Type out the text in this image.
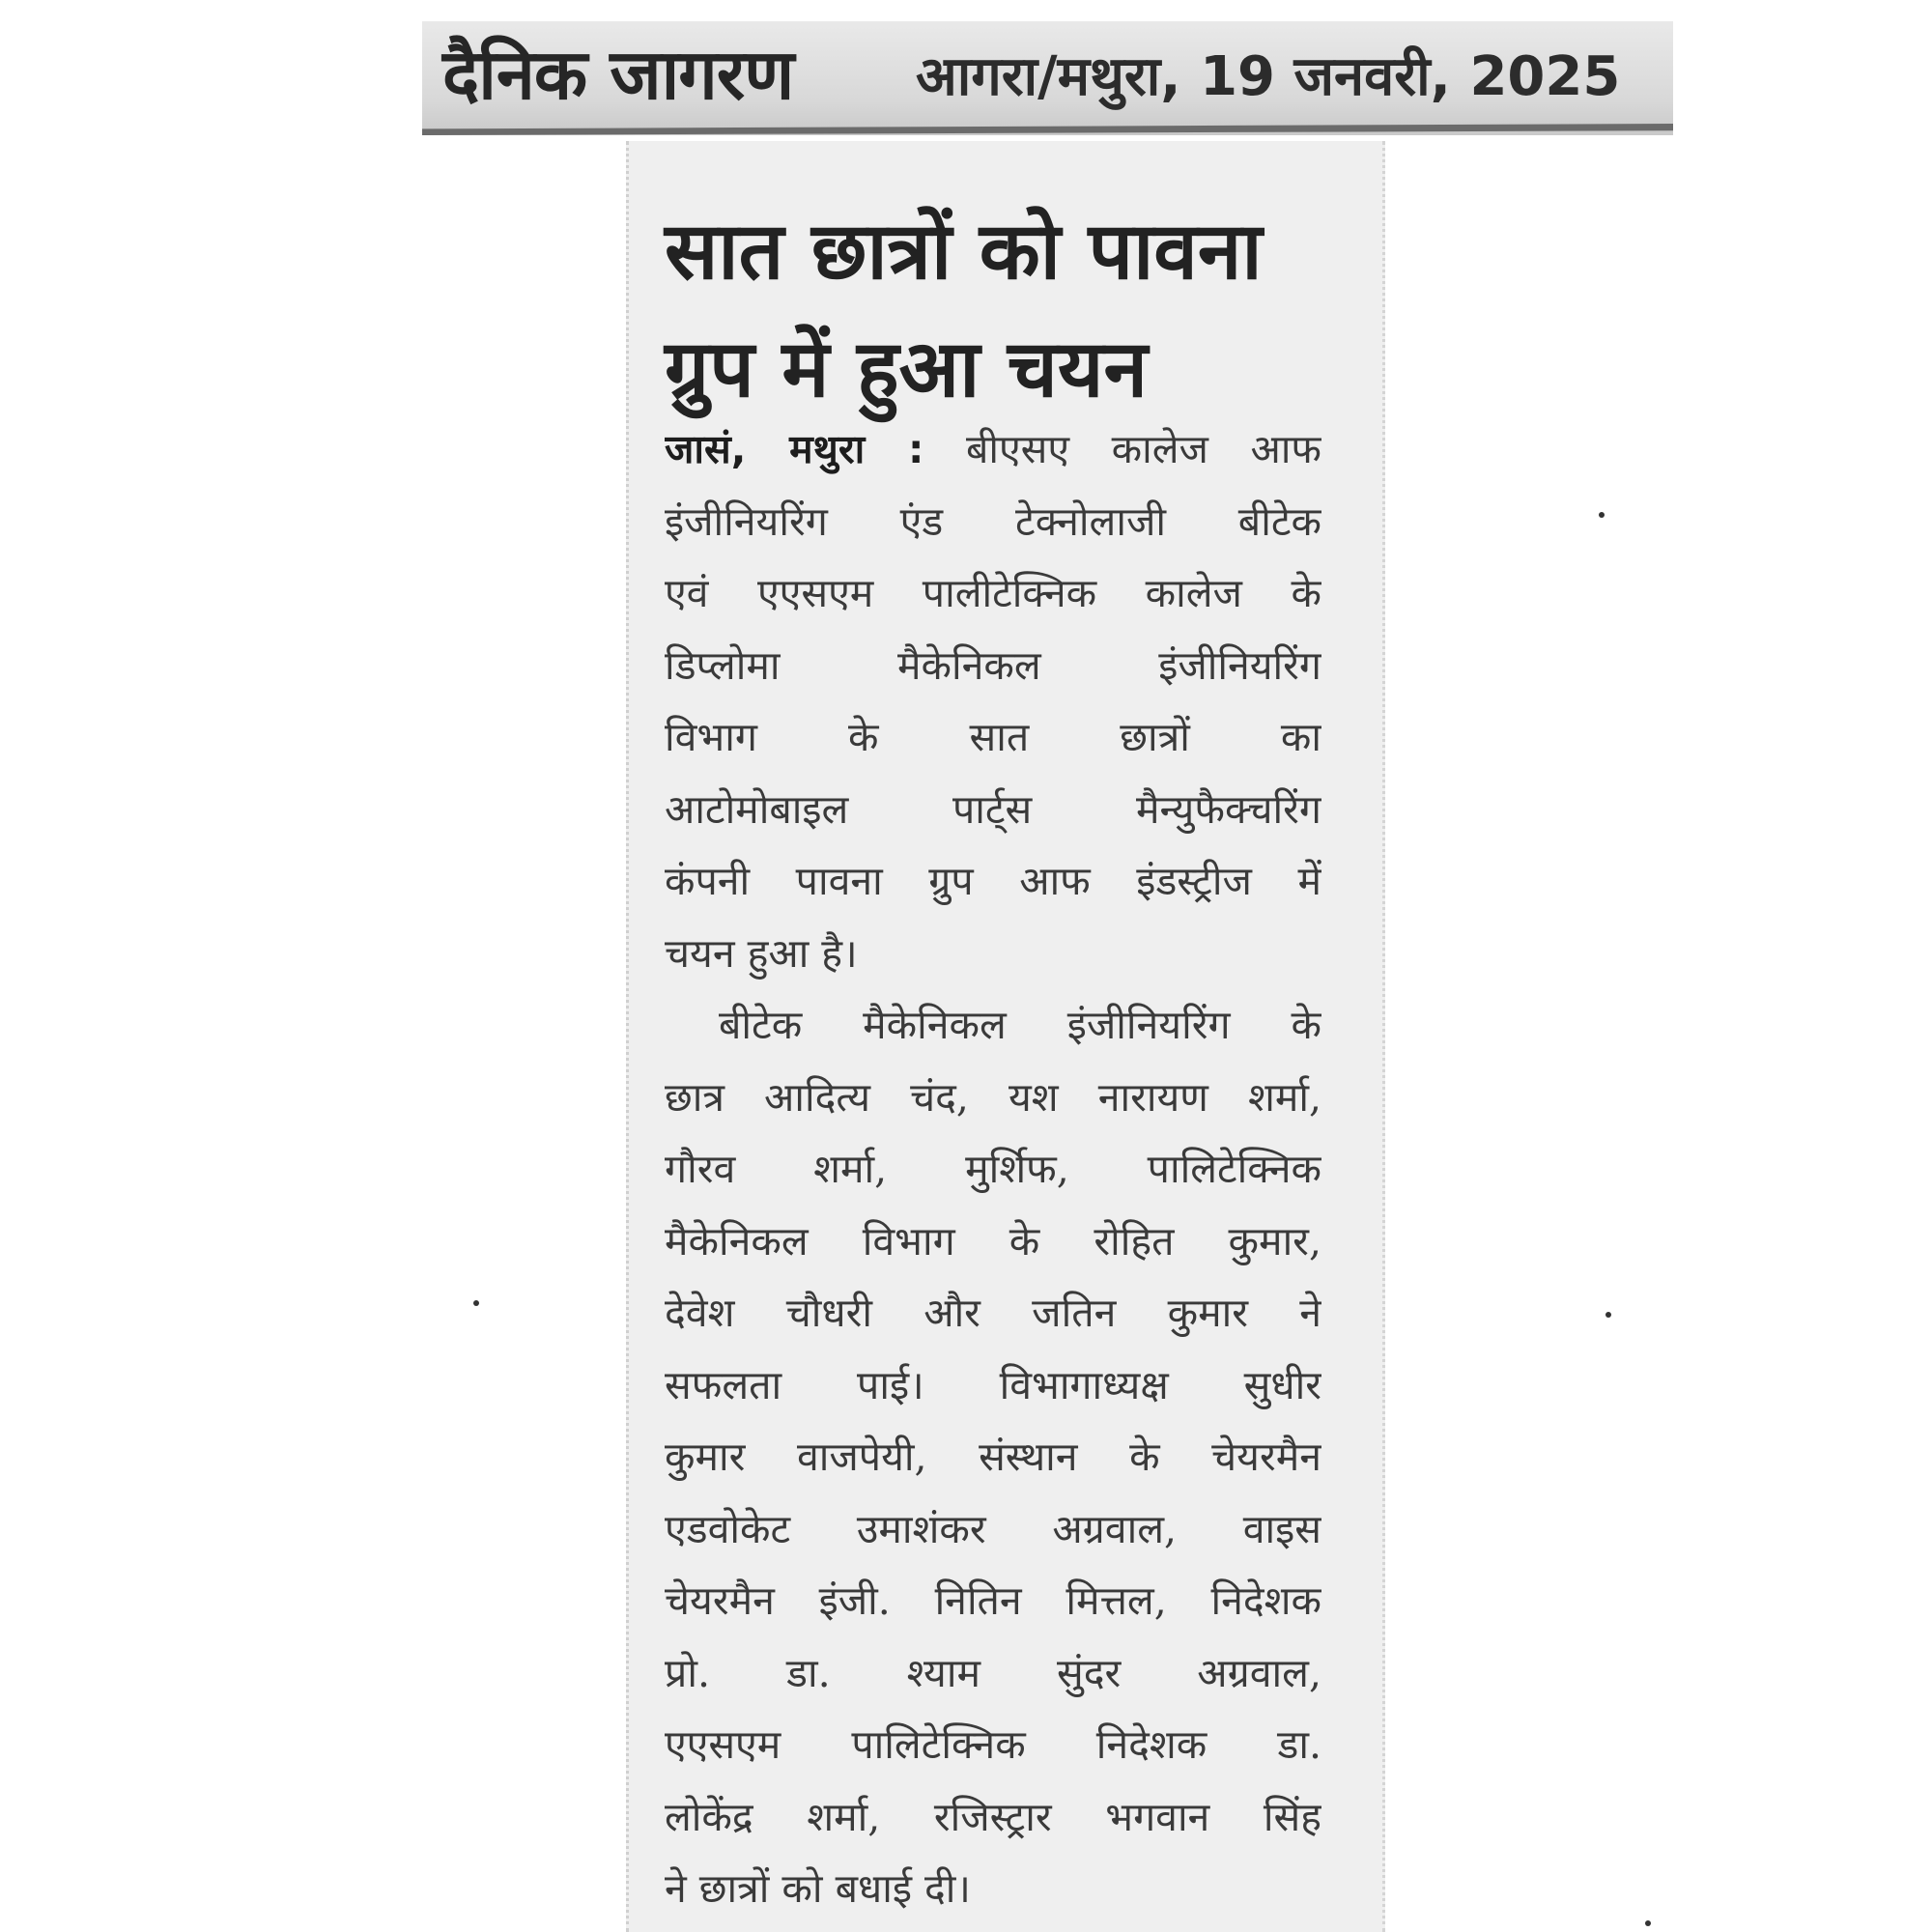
दैनिक जागरण आगरा/मथुरा, 19 जनवरी, 2025
सात छात्रों को पावना
ग्रुप में हुआ चयन
जासं, मथुरा : बीएसए कालेज आफ
इंजीनियरिंग एंड टेक्नोलाजी बीटेक
एवं एएसएम पालीटेक्निक कालेज के
डिप्लोमा मैकेनिकल इंजीनियरिंग
विभाग के सात छात्रों का
आटोमोबाइल पार्ट्स मैन्युफैक्चरिंग
कंपनी पावना ग्रुप आफ इंडस्ट्रीज में
चयन हुआ है।
बीटेक मैकेनिकल इंजीनियरिंग के
छात्र आदित्य चंद, यश नारायण शर्मा,
गौरव शर्मा, मुर्शिफ, पालिटेक्निक
मैकेनिकल विभाग के रोहित कुमार,
देवेश चौधरी और जतिन कुमार ने
सफलता पाई। विभागाध्यक्ष सुधीर
कुमार वाजपेयी, संस्थान के चेयरमैन
एडवोकेट उमाशंकर अग्रवाल, वाइस
चेयरमैन इंजी. नितिन मित्तल, निदेशक
प्रो. डा. श्याम सुंदर अग्रवाल,
एएसएम पालिटेक्निक निदेशक डा.
लोकेंद्र शर्मा, रजिस्ट्रार भगवान सिंह
ने छात्रों को बधाई दी।
